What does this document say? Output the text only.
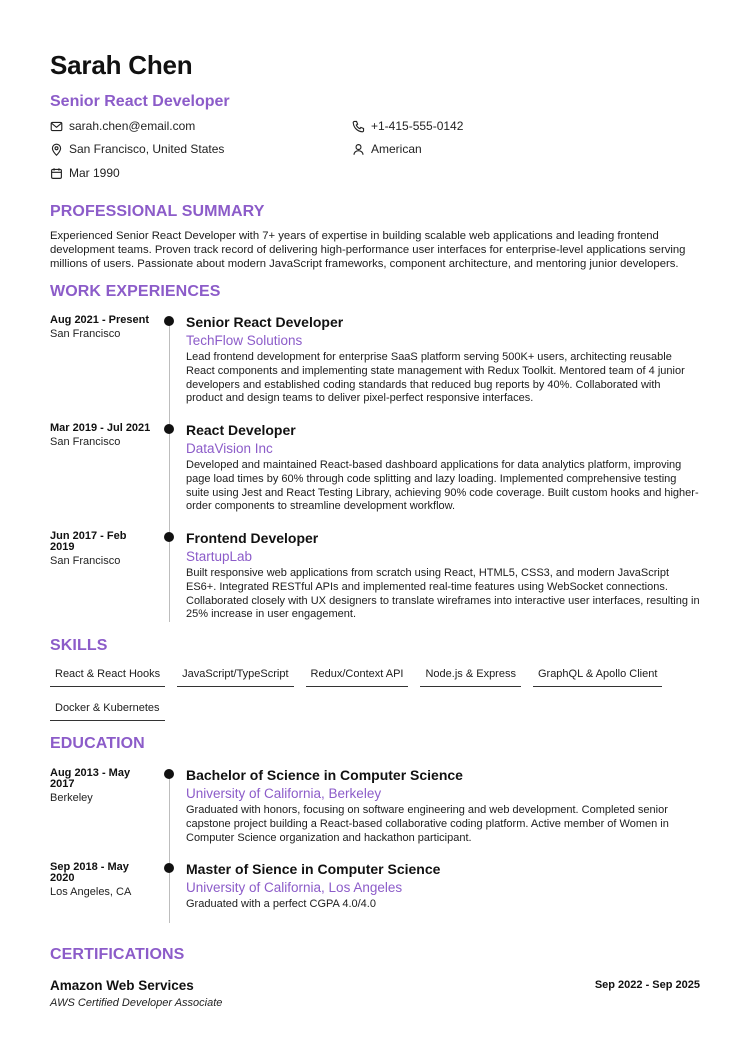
Sarah Chen
Senior React Developer
sarah.chen@email.com	+1-415-555-0142
San Francisco, United States	American
Mar 1990
PROFESSIONAL SUMMARY
Experienced Senior React Developer with 7+ years of expertise in building scalable web applications and leading frontend development teams. Proven track record of delivering high-performance user interfaces for enterprise-level applications serving millions of users. Passionate about modern JavaScript frameworks, component architecture, and mentoring junior developers.
WORK EXPERIENCES
Aug 2021 - Present
San Francisco
Senior React Developer
TechFlow Solutions
Lead frontend development for enterprise SaaS platform serving 500K+ users, architecting reusable React components and implementing state management with Redux Toolkit. Mentored team of 4 junior developers and established coding standards that reduced bug reports by 40%. Collaborated with product and design teams to deliver pixel-perfect responsive interfaces.
Mar 2019 - Jul 2021
San Francisco
React Developer
DataVision Inc
Developed and maintained React-based dashboard applications for data analytics platform, improving page load times by 60% through code splitting and lazy loading. Implemented comprehensive testing suite using Jest and React Testing Library, achieving 90% code coverage. Built custom hooks and higher-order components to streamline development workflow.
Jun 2017 - Feb 2019
San Francisco
Frontend Developer
StartupLab
Built responsive web applications from scratch using React, HTML5, CSS3, and modern JavaScript ES6+. Integrated RESTful APIs and implemented real-time features using WebSocket connections. Collaborated closely with UX designers to translate wireframes into interactive user interfaces, resulting in 25% increase in user engagement.
SKILLS
React & React Hooks	JavaScript/TypeScript	Redux/Context API	Node.js & Express	GraphQL & Apollo Client
Docker & Kubernetes
EDUCATION
Aug 2013 - May 2017
Berkeley
Bachelor of Science in Computer Science
University of California, Berkeley
Graduated with honors, focusing on software engineering and web development. Completed senior capstone project building a React-based collaborative coding platform. Active member of Women in Computer Science organization and hackathon participant.
Sep 2018 - May 2020
Los Angeles, CA
Master of Sience in Computer Science
University of California, Los Angeles
Graduated with a perfect CGPA 4.0/4.0
CERTIFICATIONS
Amazon Web Services	Sep 2022 - Sep 2025
AWS Certified Developer Associate
